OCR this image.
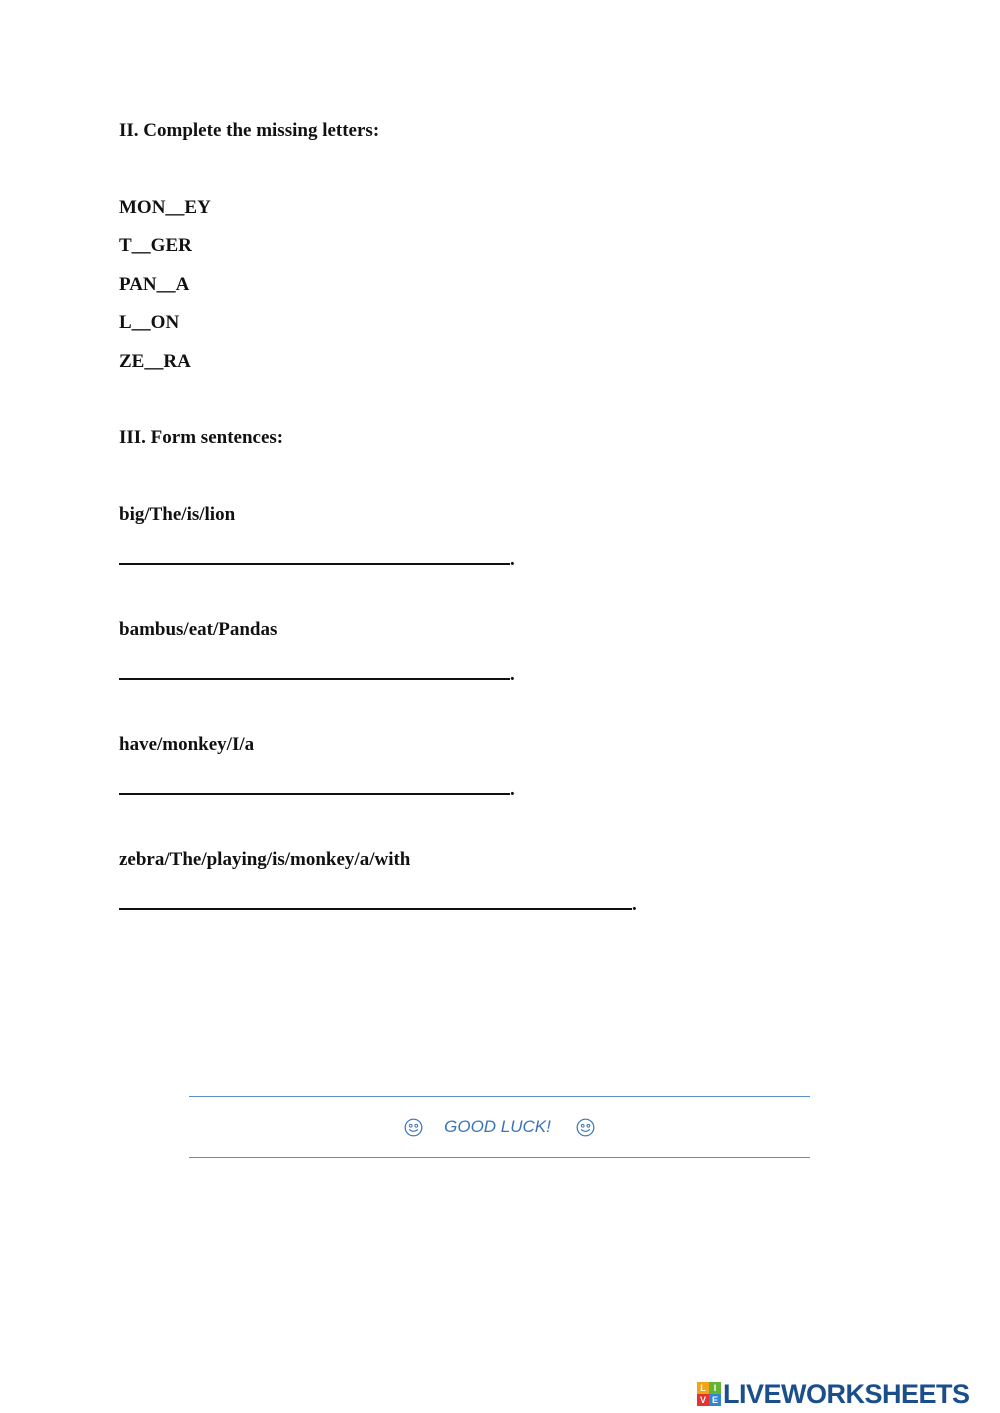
II. Complete the missing letters:

MON__EY

T__GER

PAN__A

L__ON

ZE__RA

III. Form sentences:

big/The/is/lion

.

bambus/eat/Pandas

.

have/monkey/I/a

.

zebra/The/playing/is/monkey/a/with

.
GOOD LUCK!
L I
V E LIVEWORKSHEETS
